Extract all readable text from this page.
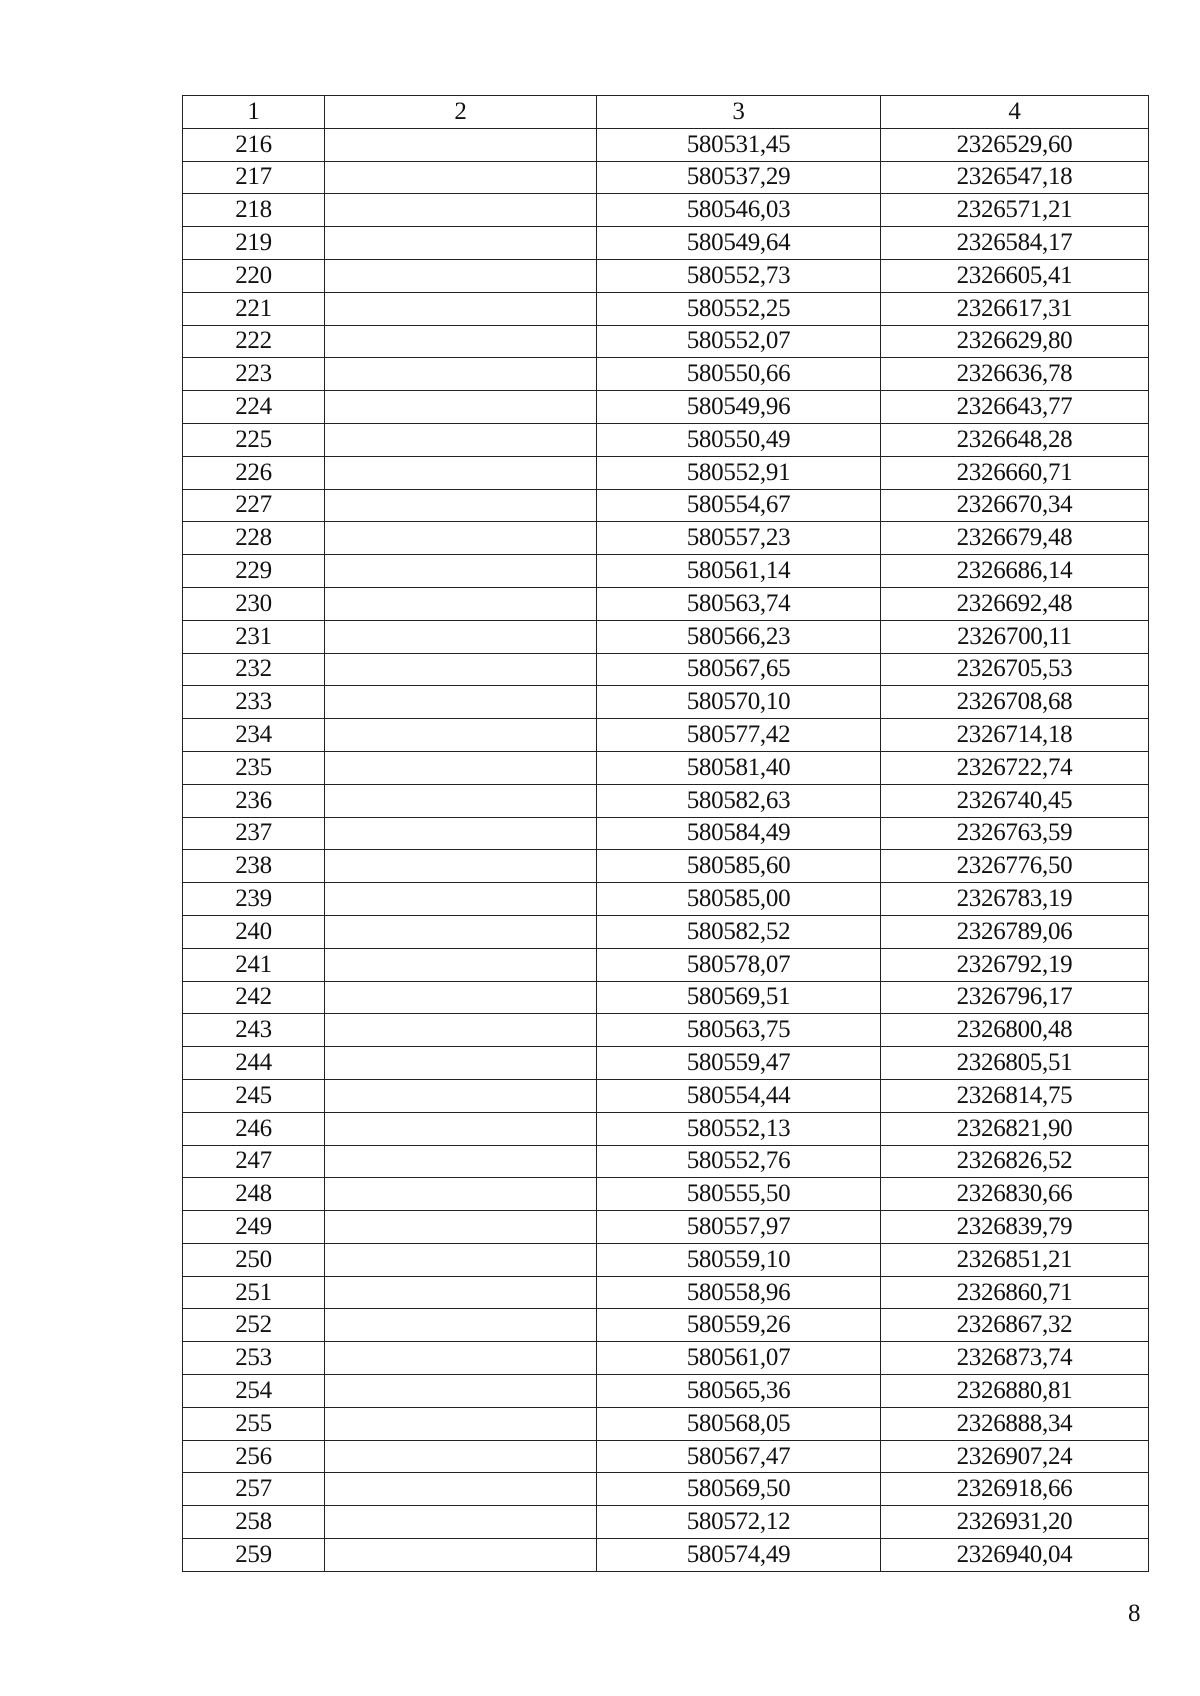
1	2	3	4
216		580531,45	2326529,60
217		580537,29	2326547,18
218		580546,03	2326571,21
219		580549,64	2326584,17
220		580552,73	2326605,41
221		580552,25	2326617,31
222		580552,07	2326629,80
223		580550,66	2326636,78
224		580549,96	2326643,77
225		580550,49	2326648,28
226		580552,91	2326660,71
227		580554,67	2326670,34
228		580557,23	2326679,48
229		580561,14	2326686,14
230		580563,74	2326692,48
231		580566,23	2326700,11
232		580567,65	2326705,53
233		580570,10	2326708,68
234		580577,42	2326714,18
235		580581,40	2326722,74
236		580582,63	2326740,45
237		580584,49	2326763,59
238		580585,60	2326776,50
239		580585,00	2326783,19
240		580582,52	2326789,06
241		580578,07	2326792,19
242		580569,51	2326796,17
243		580563,75	2326800,48
244		580559,47	2326805,51
245		580554,44	2326814,75
246		580552,13	2326821,90
247		580552,76	2326826,52
248		580555,50	2326830,66
249		580557,97	2326839,79
250		580559,10	2326851,21
251		580558,96	2326860,71
252		580559,26	2326867,32
253		580561,07	2326873,74
254		580565,36	2326880,81
255		580568,05	2326888,34
256		580567,47	2326907,24
257		580569,50	2326918,66
258		580572,12	2326931,20
259		580574,49	2326940,04
8
